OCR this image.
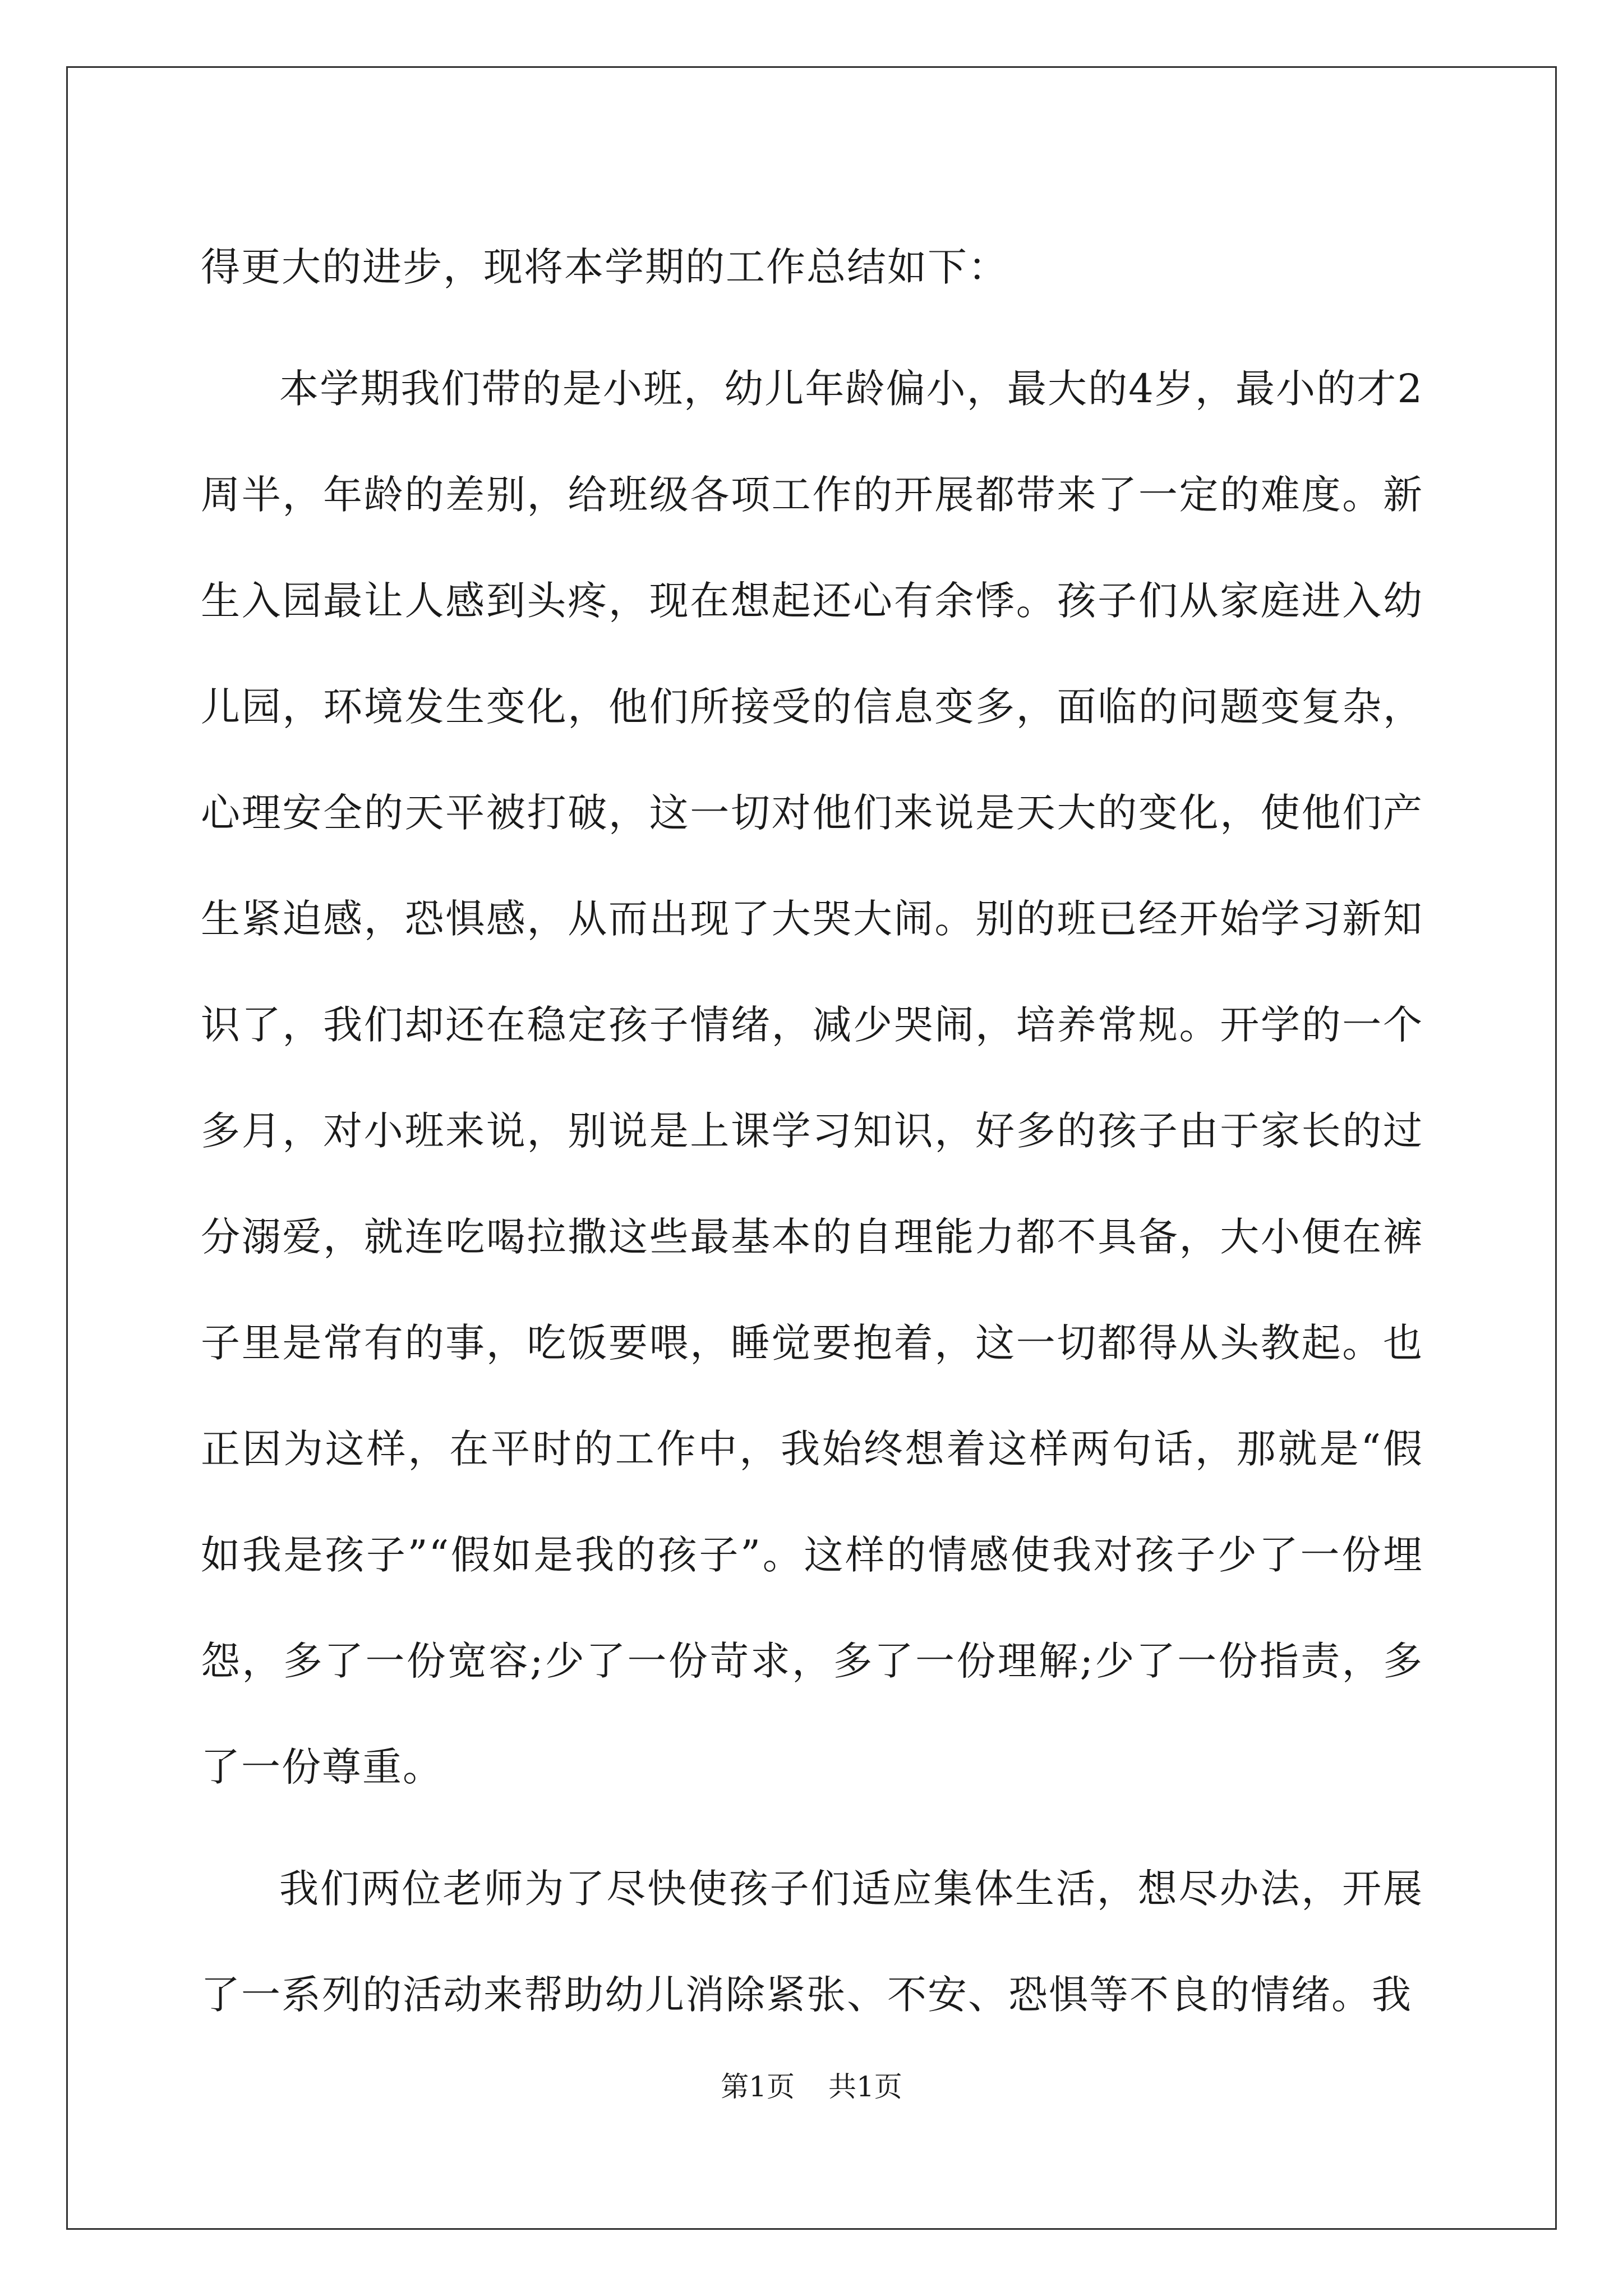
得更大的进步，现将本学期的工作总结如下：

本学期我们带的是小班，幼儿年龄偏小，最大的4岁，最小的才2周半，年龄的差别，给班级各项工作的开展都带来了一定的难度。新生入园最让人感到头疼，现在想起还心有余悸。孩子们从家庭进入幼儿园，环境发生变化，他们所接受的信息变多，面临的问题变复杂，心理安全的天平被打破，这一切对他们来说是天大的变化，使他们产生紧迫感，恐惧感，从而出现了大哭大闹。别的班已经开始学习新知识了，我们却还在稳定孩子情绪，减少哭闹，培养常规。开学的一个多月，对小班来说，别说是上课学习知识，好多的孩子由于家长的过分溺爱，就连吃喝拉撒这些最基本的自理能力都不具备，大小便在裤子里是常有的事，吃饭要喂，睡觉要抱着，这一切都得从头教起。也正因为这样，在平时的工作中，我始终想着这样两句话，那就是“假如我是孩子”“假如是我的孩子”。这样的情感使我对孩子少了一份埋怨，多了一份宽容;少了一份苛求，多了一份理解;少了一份指责，多了一份尊重。

我们两位老师为了尽快使孩子们适应集体生活，想尽办法，开展了一系列的活动来帮助幼儿消除紧张、不安、恐惧等不良的情绪。我

第1页 共1页
